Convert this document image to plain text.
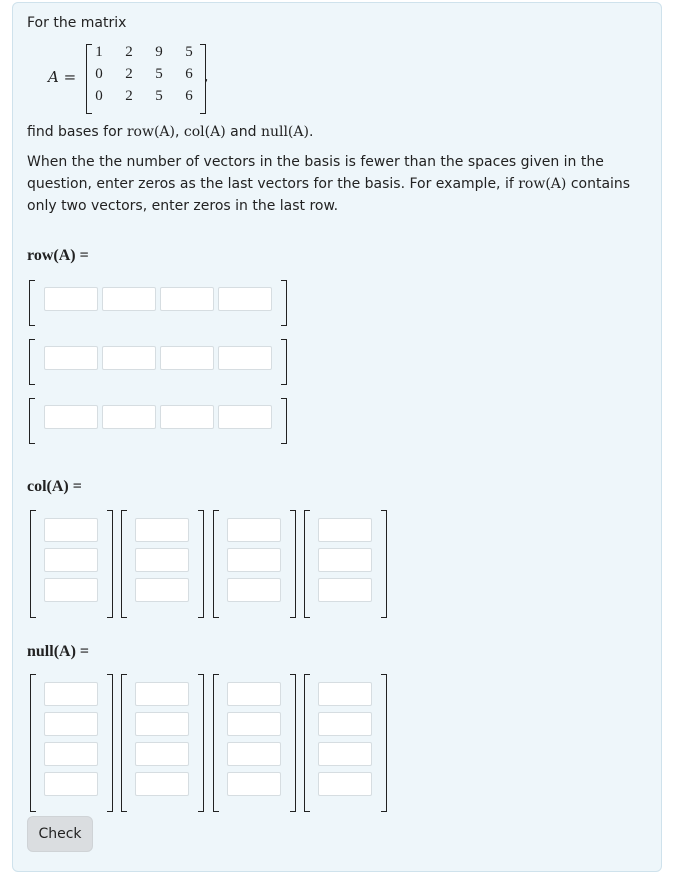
For the matrix
A =
1 2 9 5
0 2 5 6
0 2 5 6
,
find bases for row(A), col(A) and null(A).
When the the number of vectors in the basis is fewer than the spaces given in the
question, enter zeros as the last vectors for the basis. For example, if row(A) contains
only two vectors, enter zeros in the last row.
row(A) =
col(A) =
null(A) =
Check
